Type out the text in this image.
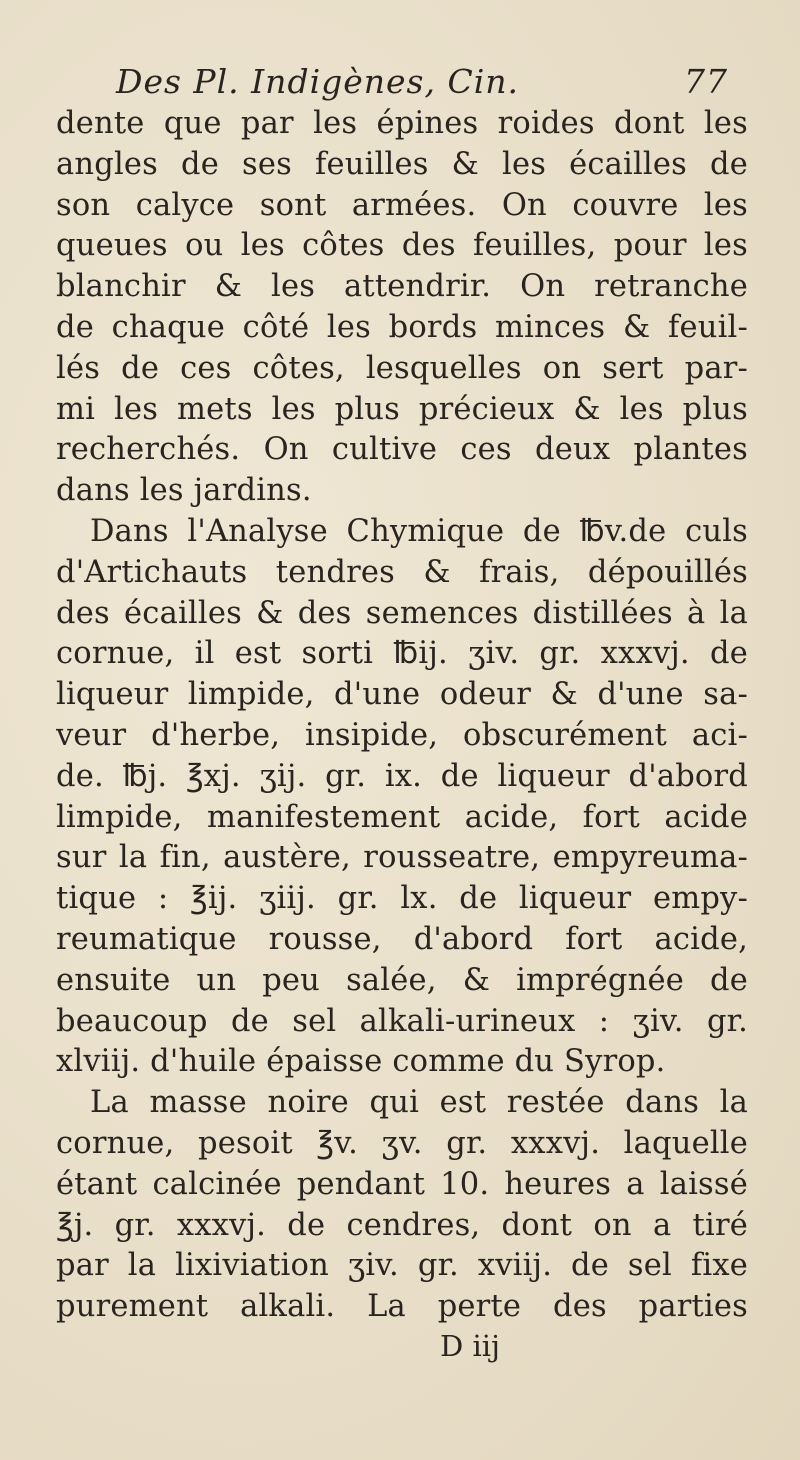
Des Pl. Indigènes, Cin.	77
dente que par les épines roides dont les
angles de ses feuilles & les écailles de
son calyce sont armées. On couvre les
queues ou les côtes des feuilles, pour les
blanchir & les attendrir. On retranche
de chaque côté les bords minces & feuil-
lés de ces côtes, lesquelles on sert par-
mi les mets les plus précieux & les plus
recherchés. On cultive ces deux plantes
dans les jardins.
Dans l'Analyse Chymique de ℔v.de culs
d'Artichauts tendres & frais, dépouillés
des écailles & des semences distillées à la
cornue, il est sorti ℔ij. ʒiv. gr. xxxvj. de
liqueur limpide, d'une odeur & d'une sa-
veur d'herbe, insipide, obscurément aci-
de. ℔j. ℥xj. ʒij. gr. ix. de liqueur d'abord
limpide, manifestement acide, fort acide
sur la fin, austère, rousseatre, empyreuma-
tique : ℥ij. ʒiij. gr. lx. de liqueur empy-
reumatique rousse, d'abord fort acide,
ensuite un peu salée, & imprégnée de
beaucoup de sel alkali-urineux : ʒiv. gr.
xlviij. d'huile épaisse comme du Syrop.
La masse noire qui est restée dans la
cornue, pesoit ℥v. ʒv. gr. xxxvj. laquelle
étant calcinée pendant 10. heures a laissé
℥j. gr. xxxvj. de cendres, dont on a tiré
par la lixiviation ʒiv. gr. xviij. de sel fixe
purement alkali. La perte des parties
D iij
